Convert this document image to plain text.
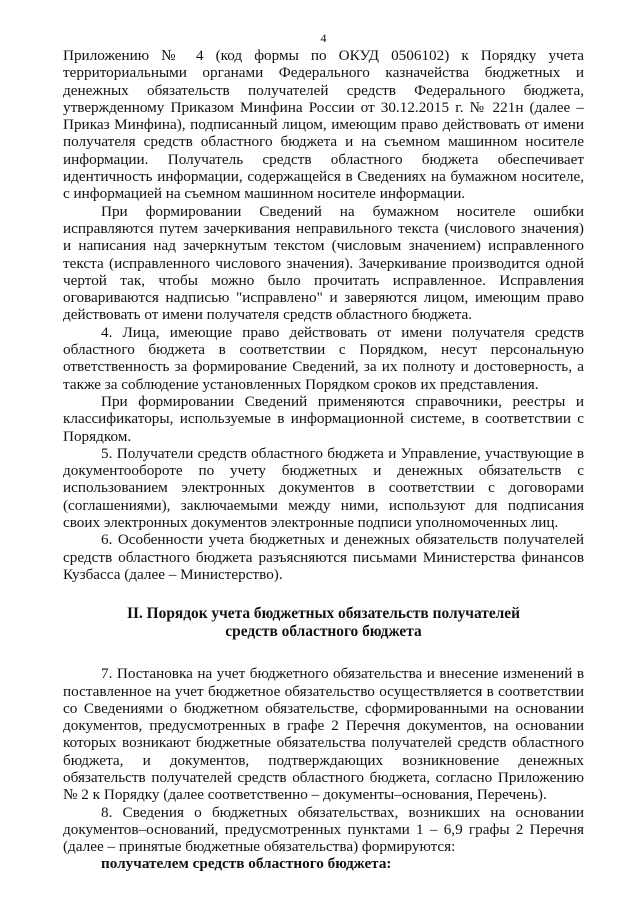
4

Приложению № 4 (код формы по ОКУД 0506102) к Порядку учета территориальными органами Федерального казначейства бюджетных и денежных обязательств получателей средств Федерального бюджета, утвержденному Приказом Минфина России от 30.12.2015 г. № 221н (далее – Приказ Минфина), подписанный лицом, имеющим право действовать от имени получателя средств областного бюджета и на съемном машинном носителе информации. Получатель средств областного бюджета обеспечивает идентичность информации, содержащейся в Сведениях на бумажном носителе, с информацией на съемном машинном носителе информации.

При формировании Сведений на бумажном носителе ошибки исправляются путем зачеркивания неправильного текста (числового значения) и написания над зачеркнутым текстом (числовым значением) исправленного текста (исправленного числового значения). Зачеркивание производится одной чертой так, чтобы можно было прочитать исправленное. Исправления оговариваются надписью "исправлено" и заверяются лицом, имеющим право действовать от имени получателя средств областного бюджета.

4. Лица, имеющие право действовать от имени получателя средств областного бюджета в соответствии с Порядком, несут персональную ответственность за формирование Сведений, за их полноту и достоверность, а также за соблюдение установленных Порядком сроков их представления.

При формировании Сведений применяются справочники, реестры и классификаторы, используемые в информационной системе, в соответствии с Порядком.

5. Получатели средств областного бюджета и Управление, участвующие в документообороте по учету бюджетных и денежных обязательств с использованием электронных документов в соответствии с договорами (соглашениями), заключаемыми между ними, используют для подписания своих электронных документов электронные подписи уполномоченных лиц.

6. Особенности учета бюджетных и денежных обязательств получателей средств областного бюджета разъясняются письмами Министерства финансов Кузбасса (далее – Министерство).

II. Порядок учета бюджетных обязательств получателей
средств областного бюджета

7. Постановка на учет бюджетного обязательства и внесение изменений в поставленное на учет бюджетное обязательство осуществляется в соответствии со Сведениями о бюджетном обязательстве, сформированными на основании документов, предусмотренных в графе 2 Перечня документов, на основании которых возникают бюджетные обязательства получателей средств областного бюджета, и документов, подтверждающих возникновение денежных обязательств получателей средств областного бюджета, согласно Приложению № 2 к Порядку (далее соответственно – документы–основания, Перечень).

8. Сведения о бюджетных обязательствах, возникших на основании документов–оснований, предусмотренных пунктами 1 – 6,9 графы 2 Перечня (далее – принятые бюджетные обязательства) формируются:

получателем средств областного бюджета:
